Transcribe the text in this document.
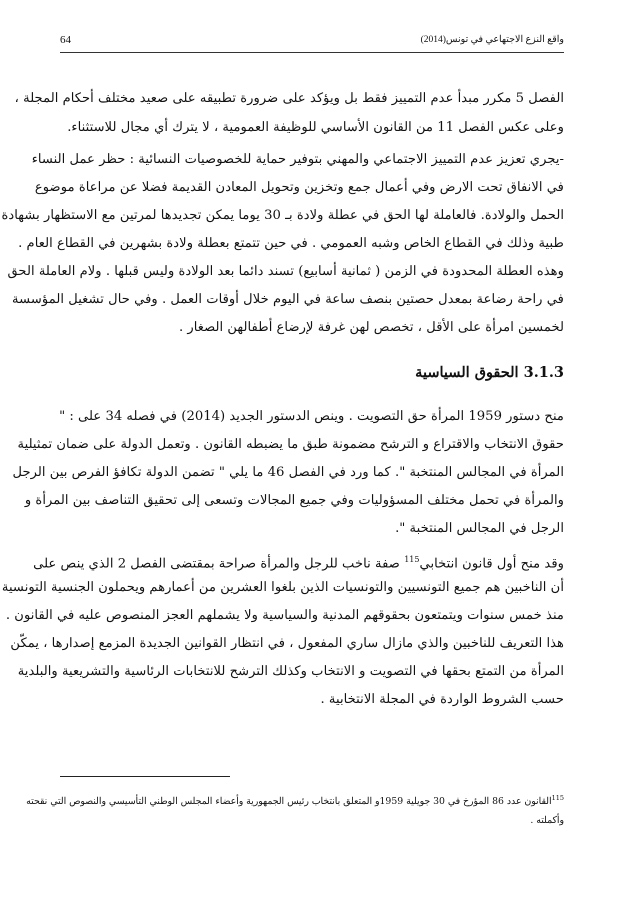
64	واقع النزع الاجتهاعي في تونس(2014)
الفصل 5 مكرر مبدأ عدم التمييز فقط بل ويؤكد على ضرورة تطبيقه على صعيد مختلف أحكام المجلة ،
وعلى عكس الفصل 11 من القانون الأساسي للوظيفة العمومية ، لا يترك أي مجال للاستثناء.
-يجري تعزيز عدم التمييز الاجتماعي والمهني بتوفير حماية للخصوصيات النسائية : حظر عمل النساء
في الانفاق تحت الارض وفي أعمال جمع وتخزين وتحويل المعادن القديمة فضلا عن مراعاة موضوع
الحمل والولادة. فالعاملة لها الحق في عطلة ولادة بـ 30 يوما يمكن تجديدها لمرتين مع الاستظهار بشهادة
طبية وذلك في القطاع الخاص وشبه العمومي . في حين تتمتع بعطلة ولادة بشهرين في القطاع العام .
وهذه العطلة المحدودة في الزمن ( ثمانية أسابيع) تسند دائما بعد الولادة وليس قبلها . ولام العاملة الحق
في راحة رضاعة بمعدل حصتين بنصف ساعة في اليوم خلال أوقات العمل . وفي حال تشغيل المؤسسة
لخمسين امرأة على الأقل ، تخصص لهن غرفة لإرضاع أطفالهن الصغار .
3.1.3 الحقوق السياسية
منح دستور 1959 المرأة حق التصويت . وينص الدستور الجديد (2014) في فصله 34 على : "
حقوق الانتخاب والاقتراع و الترشح مضمونة طبق ما يضبطه القانون . وتعمل الدولة على ضمان تمثيلية
المرأة في المجالس المنتخبة ". كما ورد في الفصل 46 ما يلي " تضمن الدولة تكافؤ الفرص بين الرجل
والمرأة في تحمل مختلف المسؤوليات وفي جميع المجالات وتسعى إلى تحقيق التناصف بين المرأة و
الرجل في المجالس المنتخبة ".
وقد منح أول قانون انتخابي$^{115}$ صفة ناخب للرجل والمرأة صراحة بمقتضى الفصل 2 الذي ينص على
أن الناخبين هم جميع التونسيين والتونسيات الذين بلغوا العشرين من أعمارهم ويحملون الجنسية التونسية
منذ خمس سنوات ويتمتعون بحقوقهم المدنية والسياسية ولا يشملهم العجز المنصوص عليه في القانون .
هذا التعريف للناخبين والذي مازال ساري المفعول ، في انتظار القوانين الجديدة المزمع إصدارها ، يمكّن
المرأة من التمتع بحقها في التصويت و الانتخاب وكذلك الترشح للانتخابات الرئاسية والتشريعية والبلدية
حسب الشروط الواردة في المجلة الانتخابية .
$^{115}$القانون عدد 86 المؤرخ في 30 جويلية 1959و المتعلق بانتخاب رئيس الجمهورية وأعضاء المجلس الوطني التأسيسي والنصوص التي نقحته
وأكملته .
